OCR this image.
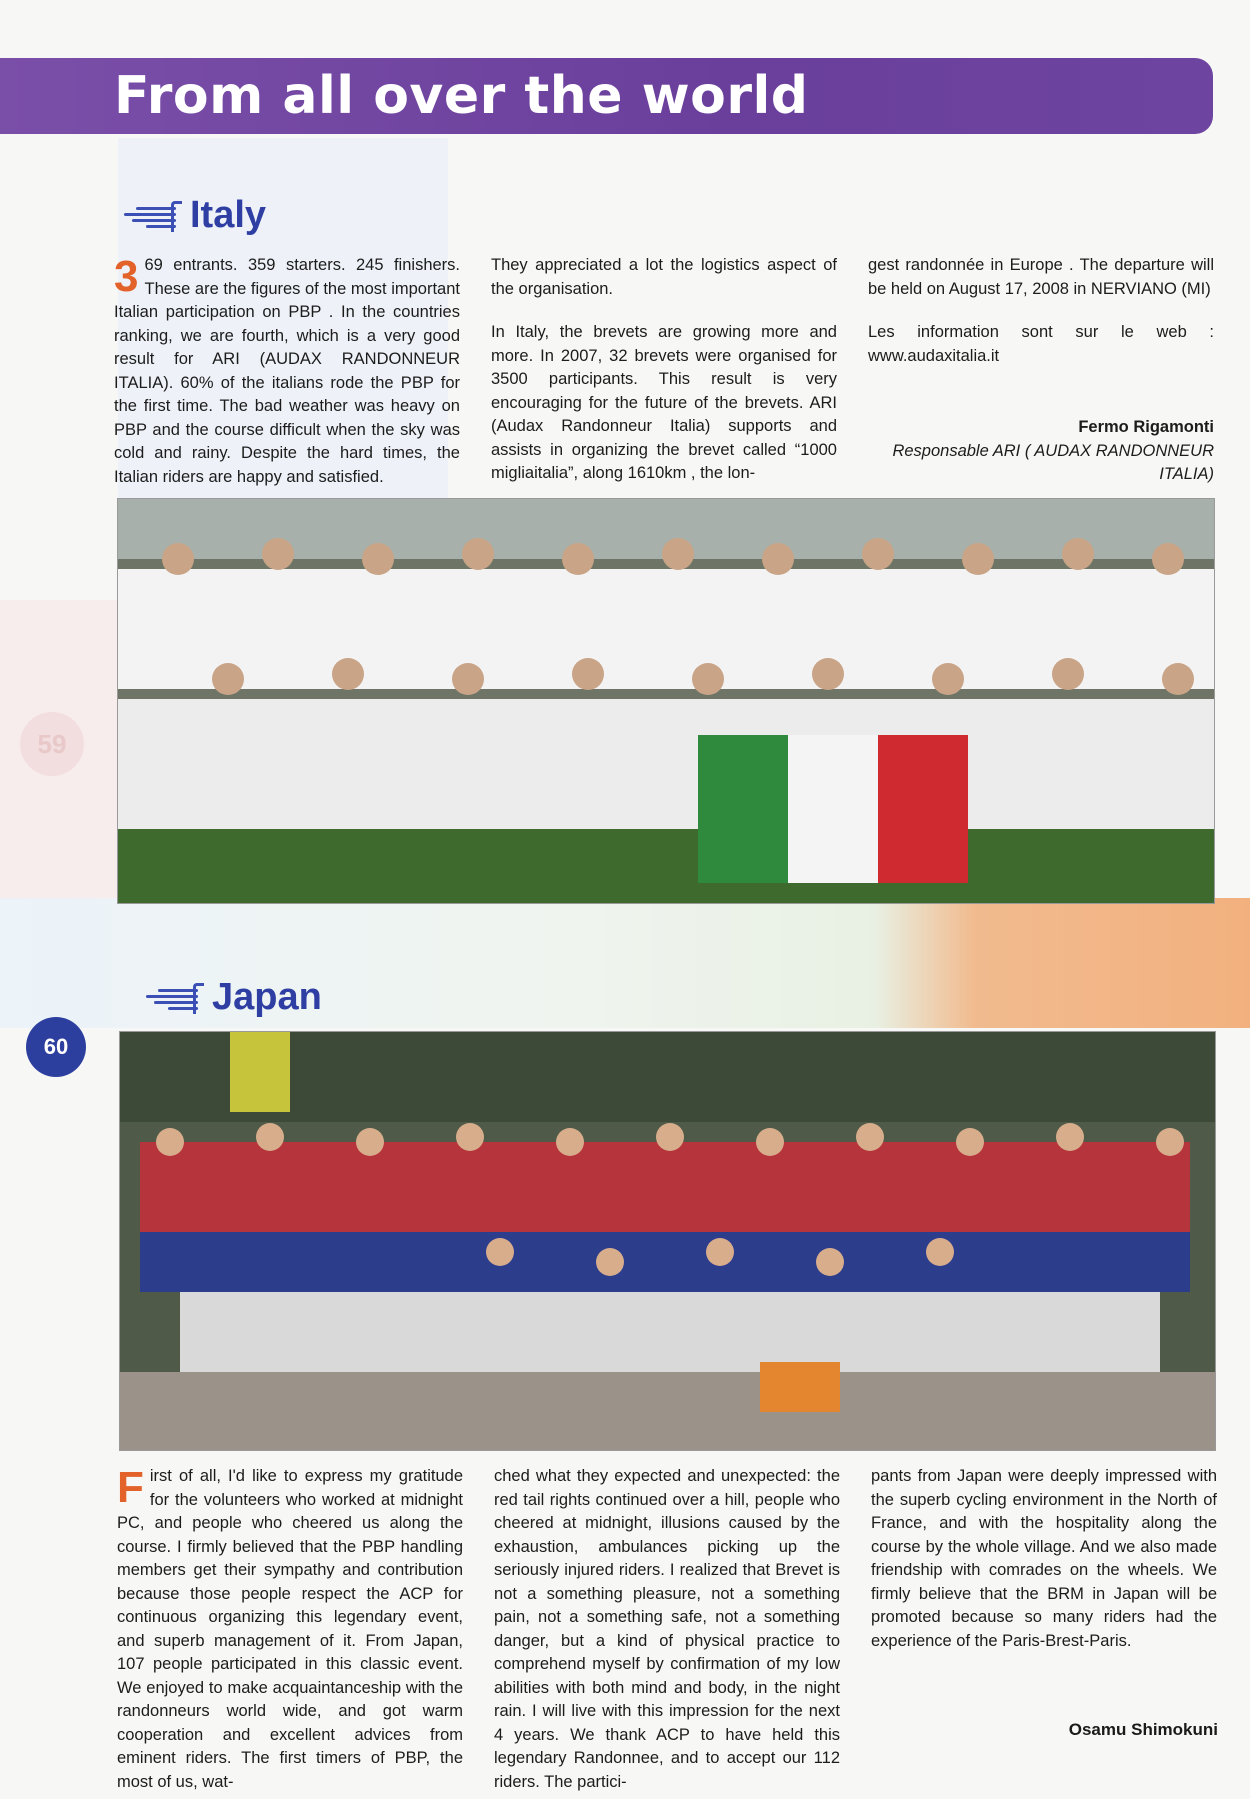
59
From all over the world
Italy
3 69 entrants. 359 starters. 245 finishers. These are the figures of the most important Italian participation on PBP . In the countries ranking, we are fourth, which is a very good result for ARI (AUDAX RANDONNEUR ITALIA). 60% of the italians rode the PBP for the first time. The bad weather was heavy on PBP and the course difficult when the sky was cold and rainy. Despite the hard times, the Italian riders are happy and satisfied.

They appreciated a lot the logistics aspect of the organisation.

In Italy, the brevets are growing more and more. In 2007, 32 brevets were organised for 3500 participants. This result is very encouraging for the future of the brevets. ARI (Audax Randonneur Italia) supports and assists in organizing the brevet called “1000 migliaitalia”, along 1610km , the lon-

gest randonnée in Europe . The departure will be held on August 17, 2008 in NERVIANO (MI)

Les information sont sur le web : www.audaxitalia.it

Fermo Rigamonti
Responsable ARI ( AUDAX RANDONNEUR ITALIA)
Japan
60
F irst of all, I'd like to express my gratitude for the volunteers who worked at midnight PC, and people who cheered us along the course. I firmly believed that the PBP handling members get their sympathy and contribution because those people respect the ACP for continuous organizing this legendary event, and superb management of it. From Japan, 107 people participated in this classic event. We enjoyed to make acquaintanceship with the randonneurs world wide, and got warm cooperation and excellent advices from eminent riders. The first timers of PBP, the most of us, wat-
ched what they expected and unexpected: the red tail rights continued over a hill, people who cheered at midnight, illusions caused by the exhaustion, ambulances picking up the seriously injured riders. I realized that Brevet is not a something pleasure, not a something pain, not a something safe, not a something danger, but a kind of physical practice to comprehend myself by confirmation of my low abilities with both mind and body, in the night rain. I will live with this impression for the next 4 years. We thank ACP to have held this legendary Randonnee, and to accept our 112 riders. The partici-
pants from Japan were deeply impressed with the superb cycling environment in the North of France, and with the hospitality along the course by the whole village. And we also made friendship with comrades on the wheels. We firmly believe that the BRM in Japan will be promoted because so many riders had the experience of the Paris-Brest-Paris.
Osamu Shimokuni
